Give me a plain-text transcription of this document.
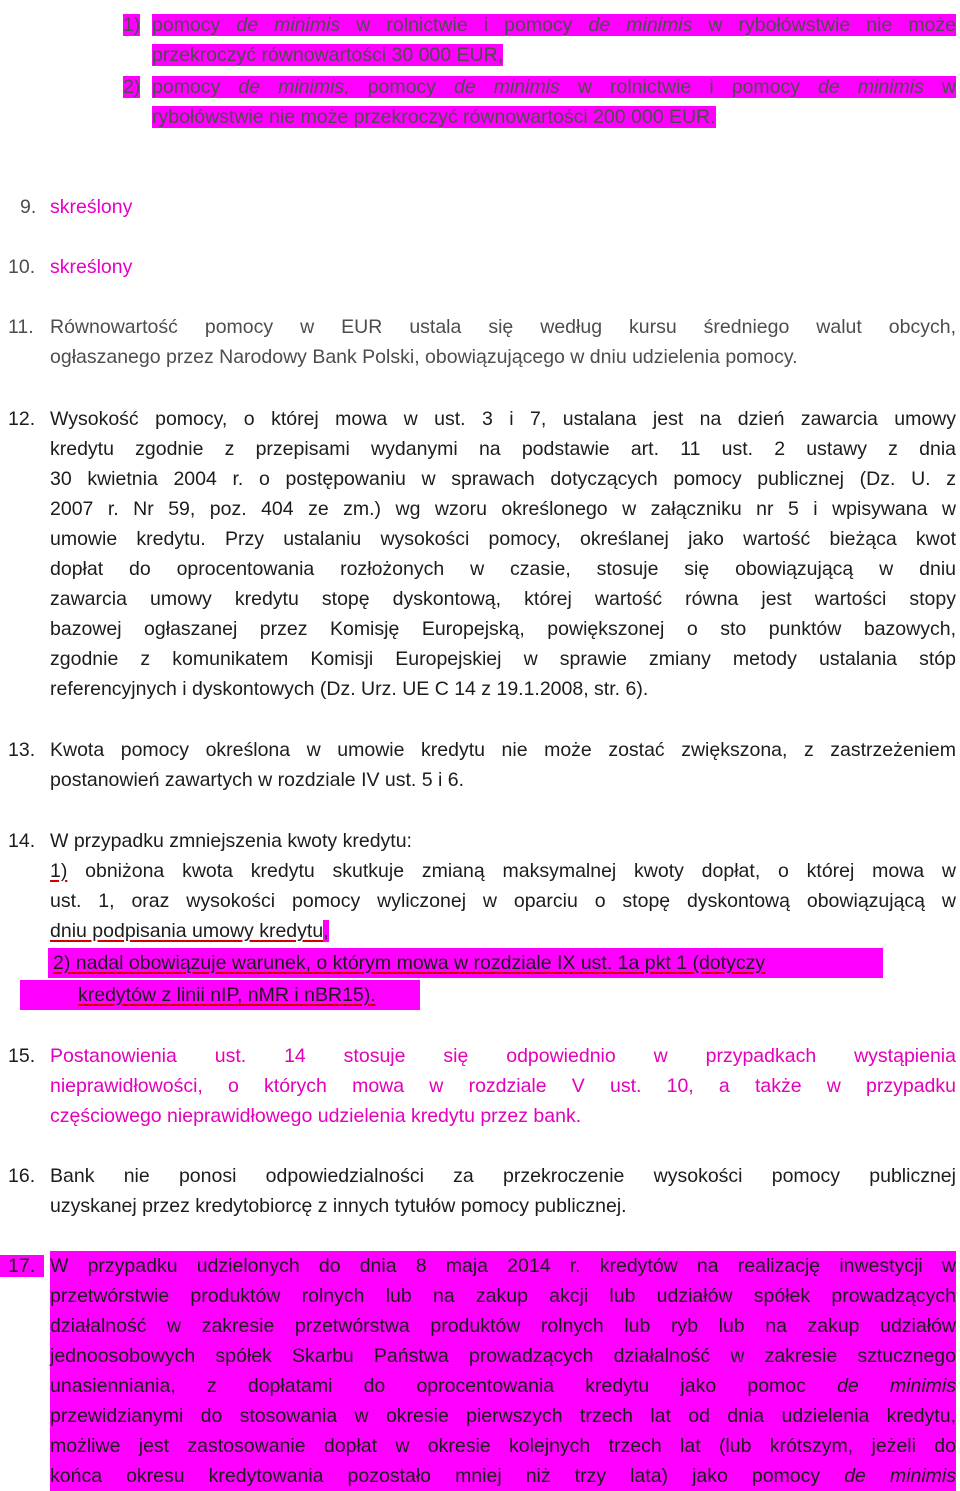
1) pomocy de minimis w rolnictwie i pomocy de minimis w rybołówstwie nie może
przekroczyć równowartości 30 000 EUR,
2) pomocy de minimis, pomocy de minimis w rolnictwie i pomocy de minimis w
rybołówstwie nie może przekroczyć równowartości 200 000 EUR.
9. skreślony
10. skreślony
11. Równowartość pomocy w EUR ustala się według kursu średniego walut obcych,
ogłaszanego przez Narodowy Bank Polski, obowiązującego w dniu udzielenia pomocy.
12. Wysokość pomocy, o której mowa w ust. 3 i 7, ustalana jest na dzień zawarcia umowy
kredytu zgodnie z przepisami wydanymi na podstawie art. 11 ust. 2 ustawy z dnia
30 kwietnia 2004 r. o postępowaniu w sprawach dotyczących pomocy publicznej (Dz. U. z
2007 r. Nr 59, poz. 404 ze zm.) wg wzoru określonego w załączniku nr 5 i wpisywana w
umowie kredytu. Przy ustalaniu wysokości pomocy, określanej jako wartość bieżąca kwot
dopłat do oprocentowania rozłożonych w czasie, stosuje się obowiązującą w dniu
zawarcia umowy kredytu stopę dyskontową, której wartość równa jest wartości stopy
bazowej ogłaszanej przez Komisję Europejską, powiększonej o sto punktów bazowych,
zgodnie z komunikatem Komisji Europejskiej w sprawie zmiany metody ustalania stóp
referencyjnych i dyskontowych (Dz. Urz. UE C 14 z 19.1.2008, str. 6).
13. Kwota pomocy określona w umowie kredytu nie może zostać zwiększona, z zastrzeżeniem
postanowień zawartych w rozdziale IV ust. 5 i 6.
14. W przypadku zmniejszenia kwoty kredytu:
1) obniżona kwota kredytu skutkuje zmianą maksymalnej kwoty dopłat, o której mowa w
ust. 1, oraz wysokości pomocy wyliczonej w oparciu o stopę dyskontową obowiązującą w
dniu podpisania umowy kredytu,
2) nadal obowiązuje warunek, o którym mowa w rozdziale IX ust. 1a pkt 1 (dotyczy
kredytów z linii nIP, nMR i nBR15).
15. Postanowienia ust. 14 stosuje się odpowiednio w przypadkach wystąpienia
nieprawidłowości, o których mowa w rozdziale V ust. 10, a także w przypadku
częściowego nieprawidłowego udzielenia kredytu przez bank.
16. Bank nie ponosi odpowiedzialności za przekroczenie wysokości pomocy publicznej
uzyskanej przez kredytobiorcę z innych tytułów pomocy publicznej.
17. W przypadku udzielonych do dnia 8 maja 2014 r. kredytów na realizację inwestycji w
przetwórstwie produktów rolnych lub na zakup akcji lub udziałów spółek prowadzących
działalność w zakresie przetwórstwa produktów rolnych lub ryb lub na zakup udziałów
jednoosobowych spółek Skarbu Państwa prowadzących działalność w zakresie sztucznego
unasienniania, z dopłatami do oprocentowania kredytu jako pomoc de minimis
przewidzianymi do stosowania w okresie pierwszych trzech lat od dnia udzielenia kredytu,
możliwe jest zastosowanie dopłat w okresie kolejnych trzech lat (lub krótszym, jeżeli do
końca okresu kredytowania pozostało mniej niż trzy lata) jako pomocy de minimis
